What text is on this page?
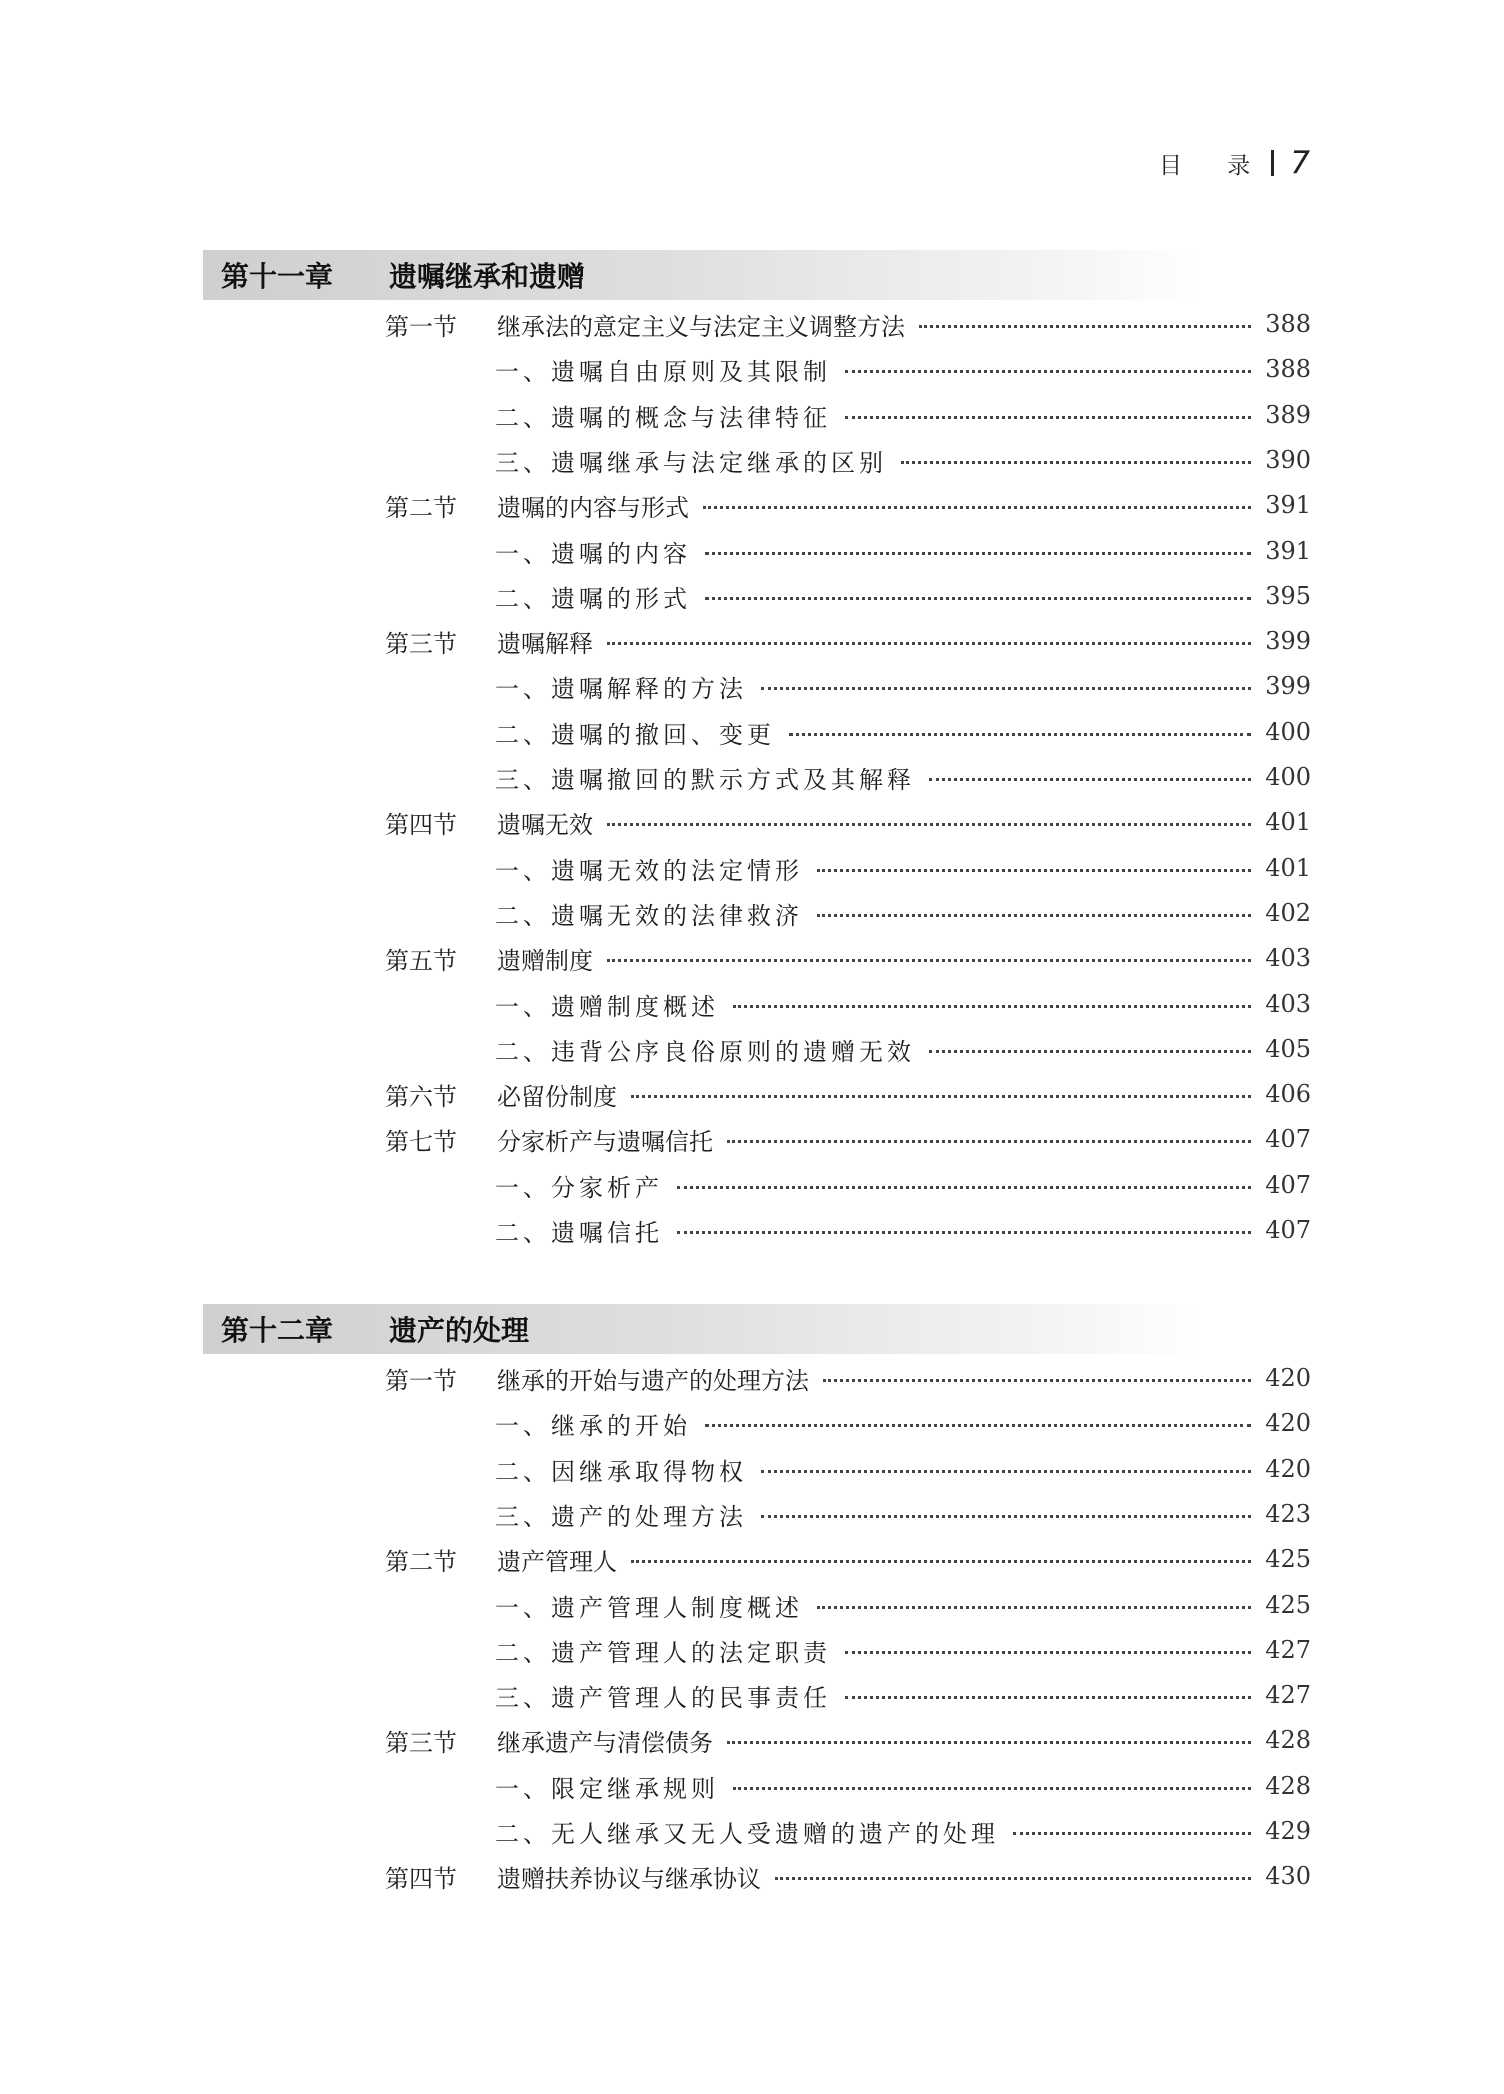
目 录 7
第十一章	遗嘱继承和遗赠
第一节	继承法的意定主义与法定主义调整方法	388
一、遗嘱自由原则及其限制	388
二、遗嘱的概念与法律特征	389
三、遗嘱继承与法定继承的区别	390
第二节	遗嘱的内容与形式	391
一、遗嘱的内容	391
二、遗嘱的形式	395
第三节	遗嘱解释	399
一、遗嘱解释的方法	399
二、遗嘱的撤回、变更	400
三、遗嘱撤回的默示方式及其解释	400
第四节	遗嘱无效	401
一、遗嘱无效的法定情形	401
二、遗嘱无效的法律救济	402
第五节	遗赠制度	403
一、遗赠制度概述	403
二、违背公序良俗原则的遗赠无效	405
第六节	必留份制度	406
第七节	分家析产与遗嘱信托	407
一、分家析产	407
二、遗嘱信托	407
第十二章	遗产的处理
第一节	继承的开始与遗产的处理方法	420
一、继承的开始	420
二、因继承取得物权	420
三、遗产的处理方法	423
第二节	遗产管理人	425
一、遗产管理人制度概述	425
二、遗产管理人的法定职责	427
三、遗产管理人的民事责任	427
第三节	继承遗产与清偿债务	428
一、限定继承规则	428
二、无人继承又无人受遗赠的遗产的处理	429
第四节	遗赠扶养协议与继承协议	430
